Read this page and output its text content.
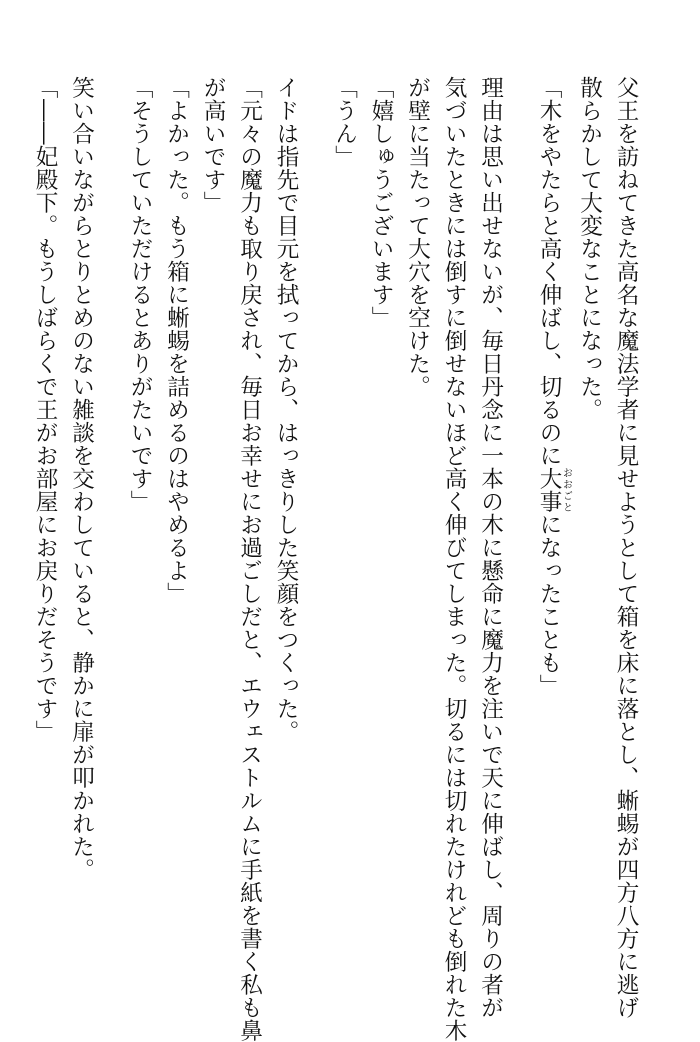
父王を訪ねてきた高名な魔法学者に見せようとして箱を床に落とし、蜥蜴が四方八方に逃げ
散らかして大変なことになった。
「木をやたらと高く伸ばし、切るのに大事おおごとになったことも」
理由は思い出せないが、毎日丹念に一本の木に懸命に魔力を注いで天に伸ばし、周りの者が
気づいたときには倒すに倒せないほど高く伸びてしまった。切るには切れたけれども倒れた木
が壁に当たって大穴を空けた。
「嬉しゅうございます」
「うん」
イドは指先で目元を拭ってから、はっきりした笑顔をつくった。
「元々の魔力も取り戻され、毎日お幸せにお過ごしだと、エウェストルムに手紙を書く私も鼻
が高いです」
「よかった。もう箱に蜥蜴を詰めるのはやめるよ」
「そうしていただけるとありがたいです」
笑い合いながらとりとめのない雑談を交わしていると、静かに扉が叩かれた。
「――妃殿下。もうしばらくで王がお部屋にお戻りだそうです」
